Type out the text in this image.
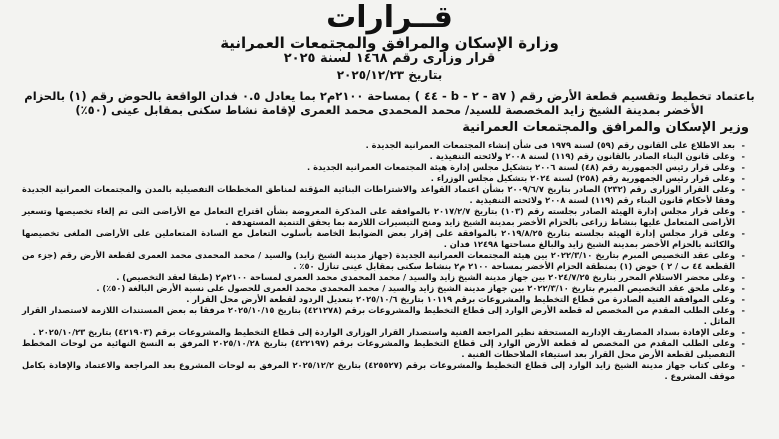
قــرارات
وزارة الإسكان والمرافق والمجتمعات العمرانية
قرار وزارى رقم ١٤٦٨ لسنة ٢٠٢٥
بتاريخ ٢٠٢٥/١٢/٢٣
باعتماد تخطيط وتقسيم قطعة الأرض رقم ( a٧ - ٢ - b - ٤٤ ) بمساحة ٢١٠٠م٢ بما يعادل ٠.٥ فدان الواقعة بالحوض رقم (١) بالحزام الأخضر بمدينة الشيخ زايد المخصصة للسيد/ محمد المحمدى محمد العمرى لإقامة نشاط سكنى بمقابل عينى (٥٠٪)
وزير الإسكان والمرافق والمجتمعات العمرانية
- بعد الاطلاع على القانون رقم (٥٩) لسنة ١٩٧٩ فى شأن إنشاء المجتمعات العمرانية الجديدة .
- وعلى قانون البناء الصادر بالقانون رقم (١١٩) لسنة ٢٠٠٨ ولائحته التنفيذية .
- وعلى قرار رئيس الجمهورية رقم (٤٨) لسنة ٢٠٠٦ بتشكيل مجلس إدارة هيئة المجتمعات العمرانية الجديدة .
- وعلى قرار رئيس الجمهورية رقم (٢٥٨) لسنة ٢٠٢٤ بتشكيل مجلس الوزراء .
- وعلى القرار الوزارى رقم (٢٣٢) الصادر بتاريخ ٢٠٠٩/٦/٧ بشأن اعتماد القواعد والاشتراطات البنائية المؤقتة لمناطق المخططات التفصيلية بالمدن والمجتمعات العمرانية الجديدة وفقا لأحكام قانون البناء رقم (١١٩) لسنة ٢٠٠٨ ولائحته التنفيذية .
- وعلى قرار مجلس إدارة الهيئة الصادر بجلسته رقم (١٠٣) بتاريخ ٢٠١٧/٢/٧ بالموافقة على المذكرة المعروضة بشأن اقتراح التعامل مع الأراضى التى تم إلغاء تخصيصها وتسعير الأراضى المتعامل عليها بنشاط زراعى بالحزام الأخضر بمدينة الشيخ زايد ومنح التيسيرات اللازمة بما يحقق التنمية المستهدفة .
- وعلى قرار مجلس إدارة الهيئة بجلسته بتاريخ ٢٠١٩/٨/٢٥ بالموافقة على إقرار بعض الضوابط الخاصة بأسلوب التعامل مع السادة المتعاملين على الأراضى الملغى تخصيصها والكائنة بالحزام الأخضر بمدينة الشيخ زايد والبالغ مساحتها ١٢٤٩٨ فدان .
- وعلى عقد التخصيص المبرم بتاريخ ٢٠٢٢/٣/١٠ بين هيئة المجتمعات العمرانية الجديدة (جهاز مدينة الشيخ زايد) والسيد / محمد المحمدى محمد العمرى لقطعة الأرض رقم (جزء من القطعة ٤٤ ب / ٢ ) حوض (١) بمنطقة الحزام الأخضر بمساحة ٢١٠٠ م٢ بنشاط سكنى بمقابل عينى تنازل ٥٠٪ .
- وعلى محضر الاستلام المحرر بتاريخ ٢٠٢٤/٧/٢٥ بين جهاز مدينة الشيخ زايد والسيد / محمد المحمدى محمد العمرى لمساحة ٢١٠٠م٢ (طبقا لعقد التخصيص) .
- وعلى ملحق عقد التخصيص المبرم بتاريخ ٢٠٢٢/٣/١٠ بين جهاز مدينة الشيخ زايد والسيد / محمد المحمدى محمد العمرى للحصول على نسبة الأرض البالغة (٥٠٪) .
- وعلى الموافقة الفنية الصادرة من قطاع التخطيط والمشروعات برقم ١٠١١٩ بتاريخ ٢٠٢٥/١٠/٦ بتعديل الردود لقطعة الأرض محل القرار .
- وعلى الطلب المقدم من المخصص له قطعة الأرض الوارد إلى قطاع التخطيط والمشروعات برقم (٤٢١٢٧٨) بتاريخ ٢٠٢٥/١٠/١٥ مرفقا به بعض المستندات اللازمة لاستصدار القرار الماثل .
- وعلى الإفادة بسداد المصاريف الإدارية المستحقة نظير المراجعة الفنية واستصدار القرار الوزارى الواردة إلى قطاع التخطيط والمشروعات برقم (٤٢١٩٠٣) بتاريخ ٢٠٢٥/١٠/٢٣ .
- وعلى الطلب المقدم من المخصص له قطعة الأرض الوارد إلى قطاع التخطيط والمشروعات برقم (٤٢٢١٩٧) بتاريخ ٢٠٢٥/١٠/٢٨ المرفق به النسخ النهائية من لوحات المخطط التفصيلى لقطعة الأرض محل القرار بعد استيفاء الملاحظات الفنية .
- وعلى كتاب جهاز مدينة الشيخ زايد الوارد إلى قطاع التخطيط والمشروعات برقم (٤٢٥٥٢٧) بتاريخ ٢٠٢٥/١٢/٢ المرفق به لوحات المشروع بعد المراجعة والاعتماد والإفادة بكامل موقف المشروع .
